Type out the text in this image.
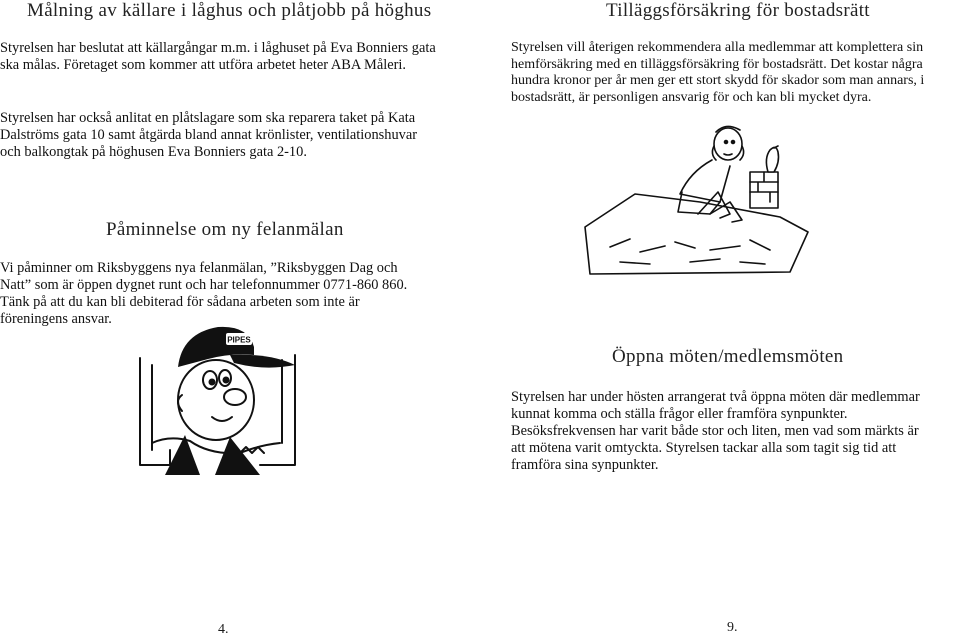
Målning av källare i låghus och plåtjobb på höghus

Styrelsen har beslutat att källargångar m.m. i låghuset på Eva Bonniers gata ska målas. Företaget som kommer att utföra arbetet heter ABA Måleri.

Styrelsen har också anlitat en plåtslagare som ska reparera taket på Kata Dalströms gata 10 samt åtgärda bland annat krönlister, ventilationshuvar och balkongtak på höghusen Eva Bonniers gata 2-10.

Påminnelse om ny felanmälan

Vi påminner om Riksbyggens nya felanmälan, ”Riksbyggen Dag och Natt” som är öppen dygnet runt och har telefonnummer 0771-860 860. Tänk på att du kan bli debiterad för sådana arbeten som inte är föreningens ansvar.

PIPES
4.
Tilläggsförsäkring för bostadsrätt

Styrelsen vill återigen rekommendera alla medlemmar att komplettera sin hemförsäkring med en tilläggsförsäkring för bostadsrätt. Det kostar några hundra kronor per år men ger ett stort skydd för skador som man annars, i bostadsrätt, är personligen ansvarig för och kan bli mycket dyra.

Öppna möten/medlemsmöten

Styrelsen har under hösten arrangerat två öppna möten där medlemmar kunnat komma och ställa frågor eller framföra synpunkter. Besöksfrekvensen har varit både stor och liten, men vad som märkts är att mötena varit omtyckta. Styrelsen tackar alla som tagit sig tid att framföra sina synpunkter.

9.
